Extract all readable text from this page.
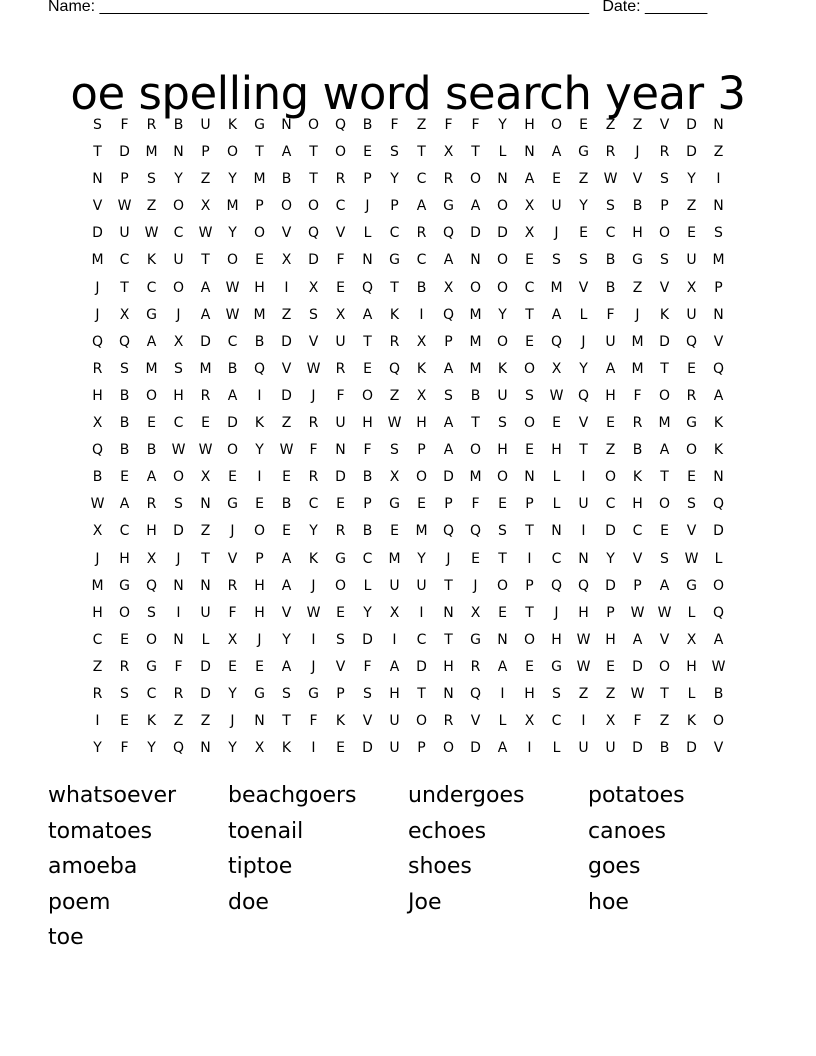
Name: _______________________________________________________   Date: _______
oe spelling word search year 3
S	F	R	B	U	K	G	N	O	Q	B	F	Z	F	F	Y	H	O	E	Z	Z	V	D	N
T	D	M	N	P	O	T	A	T	O	E	S	T	X	T	L	N	A	G	R	J	R	D	Z
N	P	S	Y	Z	Y	M	B	T	R	P	Y	C	R	O	N	A	E	Z	W	V	S	Y	I
V	W	Z	O	X	M	P	O	O	C	J	P	A	G	A	O	X	U	Y	S	B	P	Z	N
D	U	W	C	W	Y	O	V	Q	V	L	C	R	Q	D	D	X	J	E	C	H	O	E	S
M	C	K	U	T	O	E	X	D	F	N	G	C	A	N	O	E	S	S	B	G	S	U	M
J	T	C	O	A	W	H	I	X	E	Q	T	B	X	O	O	C	M	V	B	Z	V	X	P
J	X	G	J	A	W	M	Z	S	X	A	K	I	Q	M	Y	T	A	L	F	J	K	U	N
Q	Q	A	X	D	C	B	D	V	U	T	R	X	P	M	O	E	Q	J	U	M	D	Q	V
R	S	M	S	M	B	Q	V	W	R	E	Q	K	A	M	K	O	X	Y	A	M	T	E	Q
H	B	O	H	R	A	I	D	J	F	O	Z	X	S	B	U	S	W	Q	H	F	O	R	A
X	B	E	C	E	D	K	Z	R	U	H	W	H	A	T	S	O	E	V	E	R	M	G	K
Q	B	B	W W	O	Y	W	F	N	F	S	P	A	O	H	E	H	T	Z	B	A	O	K
B	E	A	O	X	E	I	E	R	D	B	X	O	D	M	O	N	L	I	O	K	T	E	N
W	A	R	S	N	G	E	B	C	E	P	G	E	P	F	E	P	L	U	C	H	O	S	Q
X	C	H	D	Z	J	O	E	Y	R	B	E	M	Q	Q	S	T	N	I	D	C	E	V	D
J	H	X	J	T	V	P	A	K	G	C	M	Y	J	E	T	I	C	N	Y	V	S	W	L
M	G	Q	N	N	R	H	A	J	O	L	U	U	T	J	O	P	Q	Q	D	P	A	G	O
H	O	S	I	U	F	H	V	W	E	Y	X	I	N	X	E	T	J	H	P	W W	L	Q
C	E	O	N	L	X	J	Y	I	S	D	I	C	T	G	N	O	H	W	H	A	V	X	A
Z	R	G	F	D	E	E	A	J	V	F	A	D	H	R	A	E	G	W	E	D	O	H	W
R	S	C	R	D	Y	G	S	G	P	S	H	T	N	Q	I	H	S	Z	Z	W	T	L	B
I	E	K	Z	Z	J	N	T	F	K	V	U	O	R	V	L	X	C	I	X	F	Z	K	O
Y	F	Y	Q	N	Y	X	K	I	E	D	U	P	O	D	A	I	L	U	U	D	B	D	V
whatsoever	beachgoers	undergoes	potatoes
tomatoes	toenail	echoes	canoes
amoeba	tiptoe	shoes	goes
poem	doe	Joe	hoe
toe
